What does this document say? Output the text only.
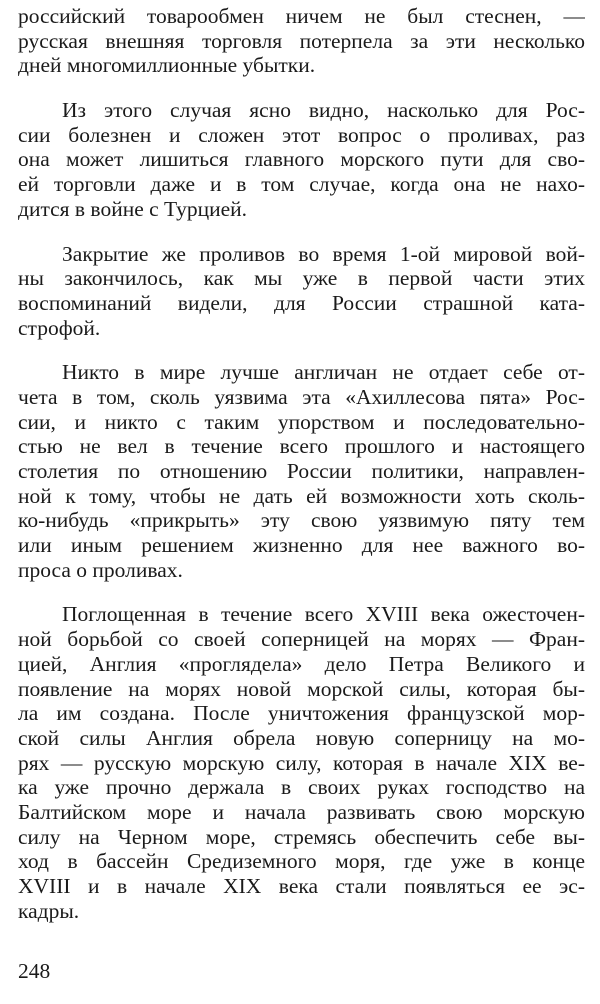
российский товарообмен ничем не был стеснен, —
русская внешняя торговля потерпела за эти несколько
дней многомиллионные убытки.
Из этого случая ясно видно, насколько для Рос-
сии болезнен и сложен этот вопрос о проливах, раз
она может лишиться главного морского пути для сво-
ей торговли даже и в том случае, когда она не нахо-
дится в войне с Турцией.
Закрытие же проливов во время 1-ой мировой вой-
ны закончилось, как мы уже в первой части этих
воспоминаний видели, для России страшной ката-
строфой.
Никто в мире лучше англичан не отдает себе от-
чета в том, сколь уязвима эта «Ахиллесова пята» Рос-
сии, и никто с таким упорством и последовательно-
стью не вел в течение всего прошлого и настоящего
столетия по отношению России политики, направлен-
ной к тому, чтобы не дать ей возможности хоть сколь-
ко-нибудь «прикрыть» эту свою уязвимую пяту тем
или иным решением жизненно для нее важного во-
проса о проливах.
Поглощенная в течение всего XVIII века ожесточен-
ной борьбой со своей соперницей на морях — Фран-
цией, Англия «проглядела» дело Петра Великого и
появление на морях новой морской силы, которая бы-
ла им создана. После уничтожения французской мор-
ской силы Англия обрела новую соперницу на мо-
рях — русскую морскую силу, которая в начале XIX ве-
ка уже прочно держала в своих руках господство на
Балтийском море и начала развивать свою морскую
силу на Черном море, стремясь обеспечить себе вы-
ход в бассейн Средиземного моря, где уже в конце
XVIII и в начале XIX века стали появляться ее эс-
кадры.
248
